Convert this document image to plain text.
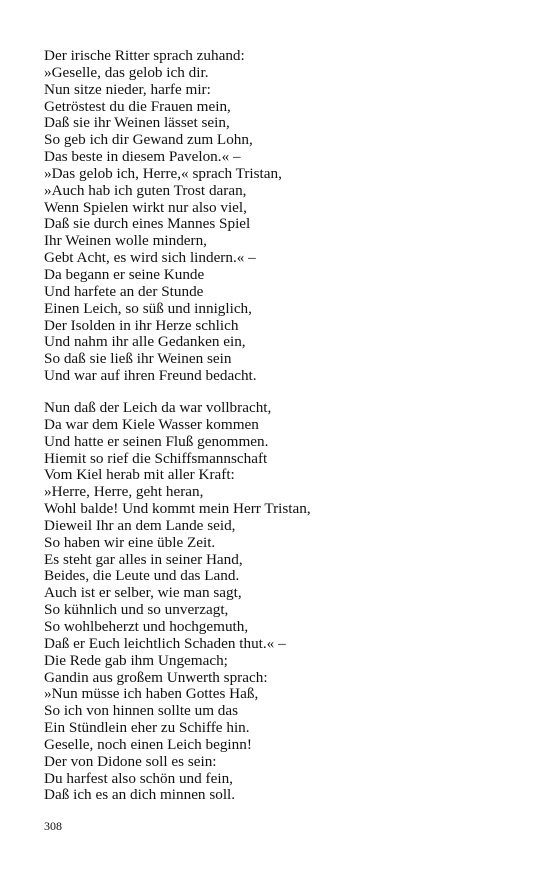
Der irische Ritter sprach zuhand:
»Geselle, das gelob ich dir.
Nun sitze nieder, harfe mir:
Getröstest du die Frauen mein,
Daß sie ihr Weinen lässet sein,
So geb ich dir Gewand zum Lohn,
Das beste in diesem Pavelon.« –
»Das gelob ich, Herre,« sprach Tristan,
»Auch hab ich guten Trost daran,
Wenn Spielen wirkt nur also viel,
Daß sie durch eines Mannes Spiel
Ihr Weinen wolle mindern,
Gebt Acht, es wird sich lindern.« –
Da begann er seine Kunde
Und harfete an der Stunde
Einen Leich, so süß und inniglich,
Der Isolden in ihr Herze schlich
Und nahm ihr alle Gedanken ein,
So daß sie ließ ihr Weinen sein
Und war auf ihren Freund bedacht.
Nun daß der Leich da war vollbracht,
Da war dem Kiele Wasser kommen
Und hatte er seinen Fluß genommen.
Hiemit so rief die Schiffsmannschaft
Vom Kiel herab mit aller Kraft:
»Herre, Herre, geht heran,
Wohl balde! Und kommt mein Herr Tristan,
Dieweil Ihr an dem Lande seid,
So haben wir eine üble Zeit.
Es steht gar alles in seiner Hand,
Beides, die Leute und das Land.
Auch ist er selber, wie man sagt,
So kühnlich und so unverzagt,
So wohlbeherzt und hochgemuth,
Daß er Euch leichtlich Schaden thut.« –
Die Rede gab ihm Ungemach;
Gandin aus großem Unwerth sprach:
»Nun müsse ich haben Gottes Haß,
So ich von hinnen sollte um das
Ein Stündlein eher zu Schiffe hin.
Geselle, noch einen Leich beginn!
Der von Didone soll es sein:
Du harfest also schön und fein,
Daß ich es an dich minnen soll.
308
